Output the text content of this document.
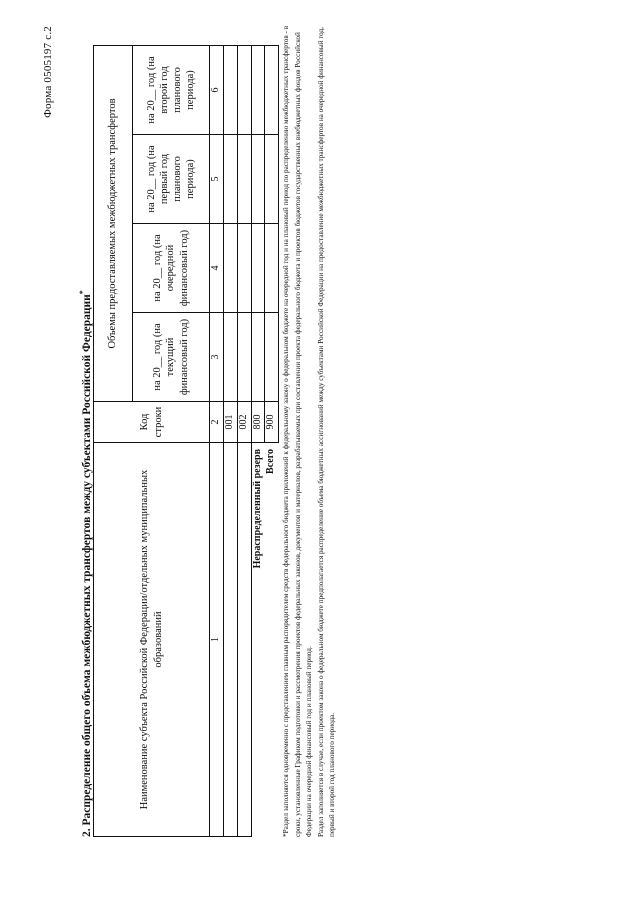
Форма 0505197 с.2
2. Распределение общего объема межбюджетных трансфертов между субъектами Российской Федерации*
Наименование субъекта Российской Федерации/отдельных муниципальных образований	Код строки	Объемы предоставляемых межбюджетных трансфертов			
		на 20__ год (на текущий финансовый год)	на 20__ год (на очередной финансовый год)	на 20__ год (на первый год планового периода)	на 20__ год (на второй год планового периода)
1	2	3	4	5	6
	001				
	002				
Нераспределенный резерв	800				
Всего	900				*Раздел заполняется одновременно с представлением главным распорядителем средств федерального бюджета приложений к федеральному закону о федеральном бюджете на очередной год и на плановый период по распределению межбюджетных трансфертов - в сроки, установленные Графиком подготовки и рассмотрения проектов федеральных законов, документов и материалов, разрабатываемых при составлении проекта федерального бюджета и проектов бюджетов государственных внебюджетных фондов Российской Федерации на очередной финансовый год и плановый период. Раздел заполняется в случае, если проектом закона о федеральном бюджете предполагается распределение объема бюджетных ассигнований между субъектами Российской Федерации на предоставление межбюджетных трансфертов на очередной финансовый год, первый и второй год планового периода.
